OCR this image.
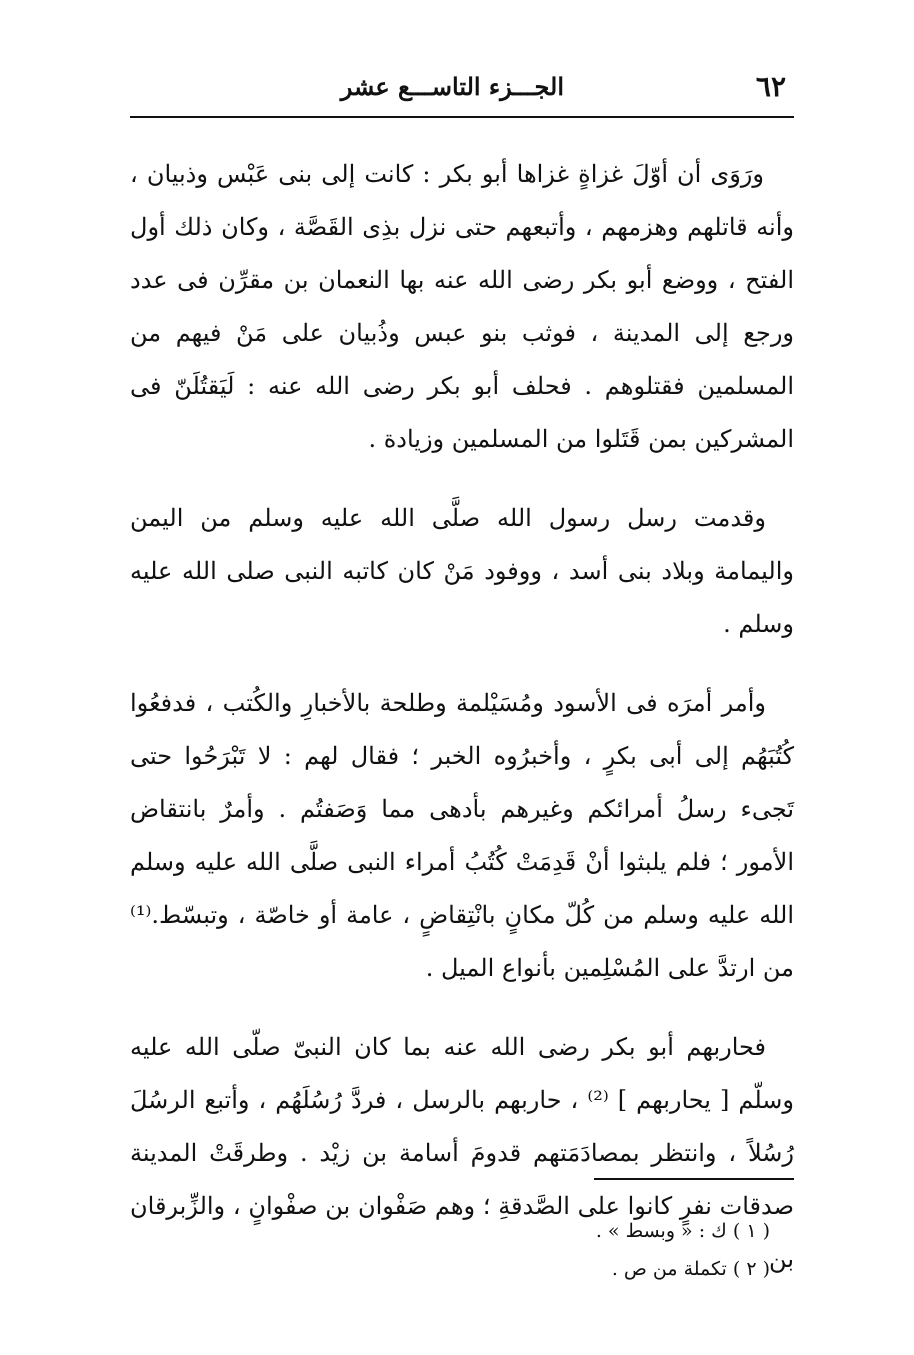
٦٢
الجـــزء التاســـع عشر

ورَوَى أن أوّلَ غزاةٍ غزاها أبو بكر : كانت إلى بنى عَبْس وذبيان ، وأنه قاتلهم وهزمهم ، وأتبعهم حتى نزل بذِى القَصَّة ، وكان ذلك أول الفتح ، ووضع أبو بكر رضى الله عنه بها النعمان بن مقرِّن فى عدد ورجع إلى المدينة ، فوثب بنو عبس وذُبيان على مَنْ فيهم من المسلمين فقتلوهم . فحلف أبو بكر رضى الله عنه : لَيَقتُلَنّ فى المشركين بمن قَتَلوا من المسلمين وزيادة .

وقدمت رسل رسول الله صلَّى الله عليه وسلم من اليمن واليمامة وبلاد بنى أسد ، ووفود مَنْ كان كاتبه النبى صلى الله عليه وسلم .

وأمر أمرَه فى الأسود ومُسَيْلمة وطلحة بالأخبارِ والكُتب ، فدفعُوا كُتُبَهُم إلى أبى بكرٍ ، وأخبرُوه الخبر ؛ فقال لهم : لا تَبْرَحُوا حتى تَجىء رسلُ أمرائكم وغيرهم بأدهى مما وَصَفتُم . وأمرٌ بانتقاض الأمور ؛ فلم يلبثوا أنْ قَدِمَتْ كُتُبُ أمراء النبى صلَّى الله عليه وسلم الله عليه وسلم من كُلّ مكانٍ بانْتِقاضٍ ، عامة أو خاصّة ، وتبسّط.⁽¹⁾ من ارتدَّ على المُسْلِمين بأنواع الميل .

فحاربهم أبو بكر رضى الله عنه بما كان النبىّ صلّى الله عليه وسلّم [ يحاربهم ] ⁽²⁾ ، حاربهم بالرسل ، فردَّ رُسُلَهُم ، وأتبع الرسُلَ رُسُلاً ، وانتظر بمصادَمَتهم قدومَ أسامة بن زيْد . وطرقَتْ المدينة صدقات نفرٍ كانوا على الصَّدقةِ ؛ وهم صَفْوان بن صفْوانٍ ، والزِّبرقان بن

( ١ ) ك : « وبسط » .

( ٢ ) تكملة من ص .
